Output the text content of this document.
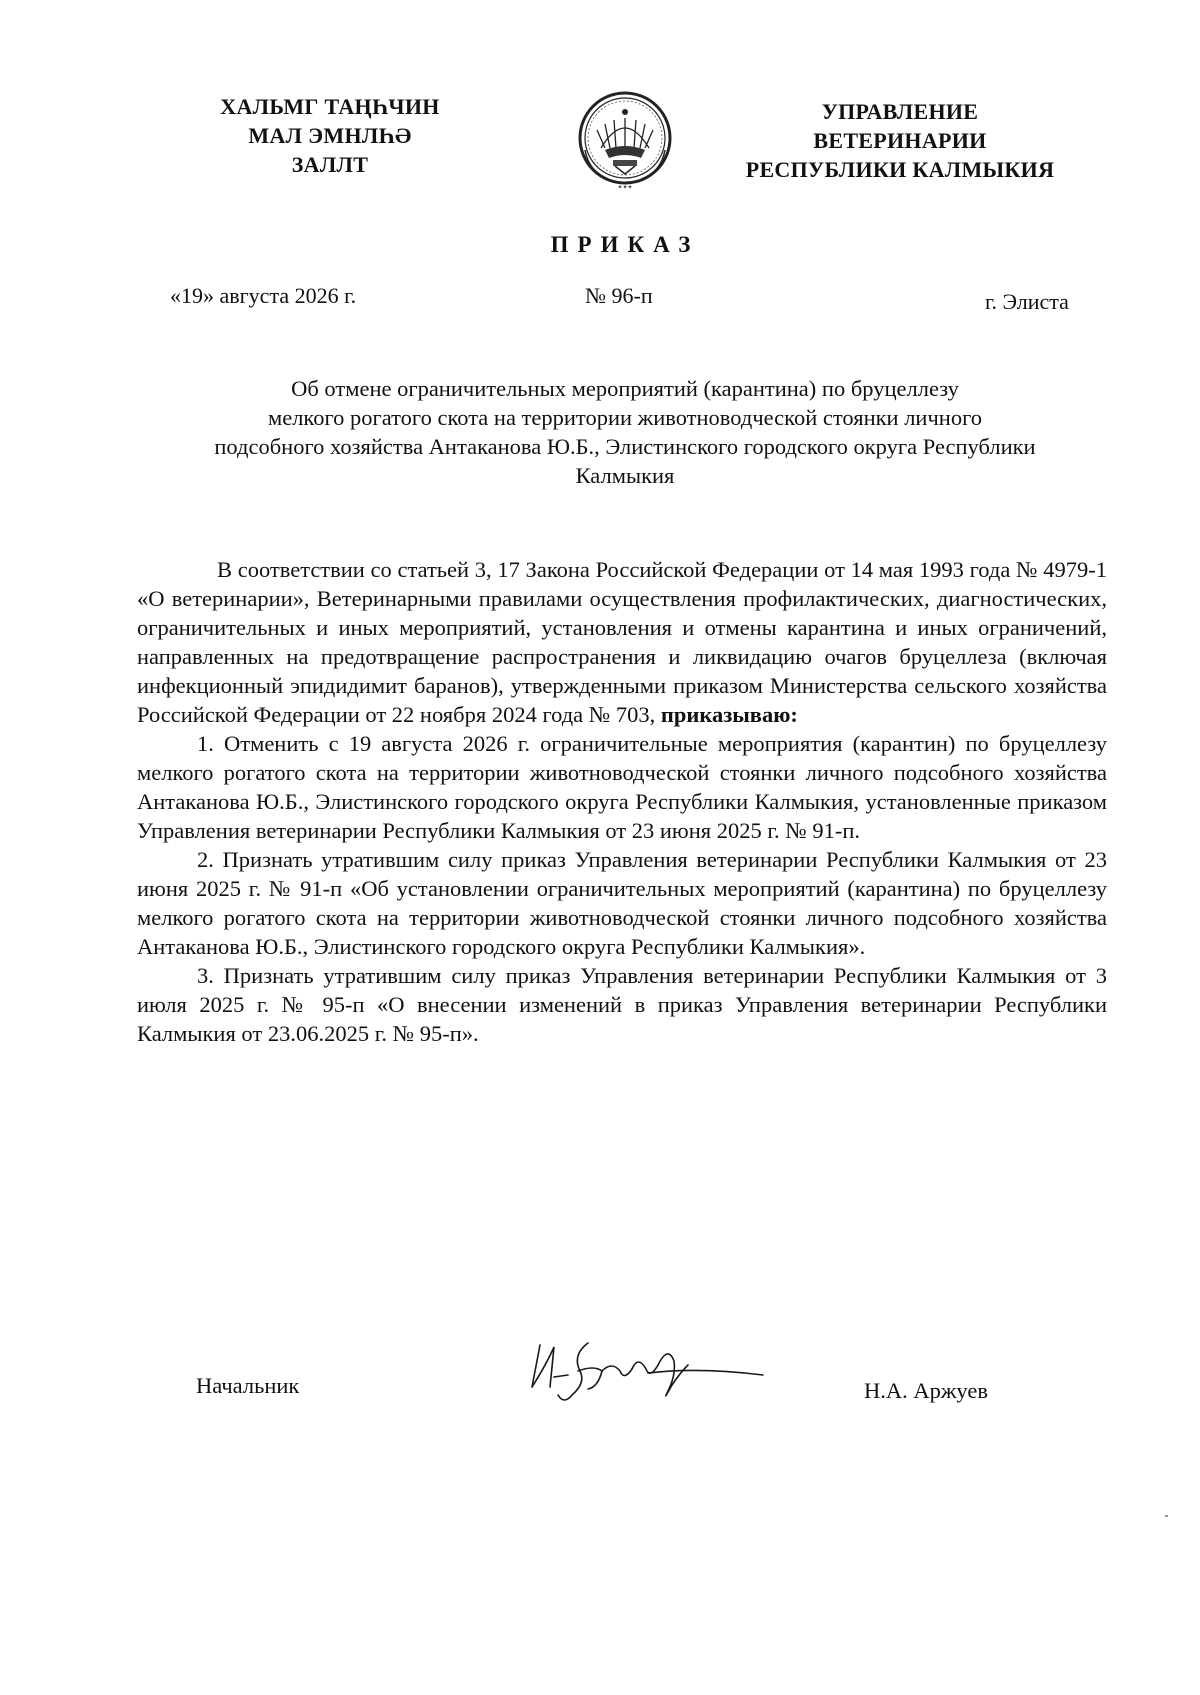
ХАЛЬМГ ТАҢҺЧИН
МАЛ ЭМНЛҺӘ
ЗАЛЛТ
✦✦✦
УПРАВЛЕНИЕ
ВЕТЕРИНАРИИ
РЕСПУБЛИКИ КАЛМЫКИЯ
ПРИКАЗ
«19» августа 2026 г.	№ 96-п	г. Элиста
Об отмене ограничительных мероприятий (карантина) по бруцеллезу
мелкого рогатого скота на территории животноводческой стоянки личного
подсобного хозяйства Антаканова Ю.Б., Элистинского городского округа Республики
Калмыкия

В соответствии со статьей 3, 17 Закона Российской Федерации от 14 мая 1993 года № 4979-1 «О ветеринарии», Ветеринарными правилами осуществления профилактических, диагностических, ограничительных и иных мероприятий, установления и отмены карантина и иных ограничений, направленных на предотвращение распространения и ликвидацию очагов бруцеллеза (включая инфекционный эпидидимит баранов), утвержденными приказом Министерства сельского хозяйства Российской Федерации от 22 ноября 2024 года № 703, приказываю:

1. Отменить с 19 августа 2026 г. ограничительные мероприятия (карантин) по бруцеллезу мелкого рогатого скота на территории животноводческой стоянки личного подсобного хозяйства Антаканова Ю.Б., Элистинского городского округа Республики Калмыкия, установленные приказом Управления ветеринарии Республики Калмыкия от 23 июня 2025 г. № 91-п.

2. Признать утратившим силу приказ Управления ветеринарии Республики Калмыкия от 23 июня 2025 г. № 91-п «Об установлении ограничительных мероприятий (карантина) по бруцеллезу мелкого рогатого скота на территории животноводческой стоянки личного подсобного хозяйства Антаканова Ю.Б., Элистинского городского округа Республики Калмыкия».

3. Признать утратившим силу приказ Управления ветеринарии Республики Калмыкия от 3 июля 2025 г. № 95-п «О внесении изменений в приказ Управления ветеринарии Республики Калмыкия от 23.06.2025 г. № 95-п».

Начальник	Н.А. Аржуев
